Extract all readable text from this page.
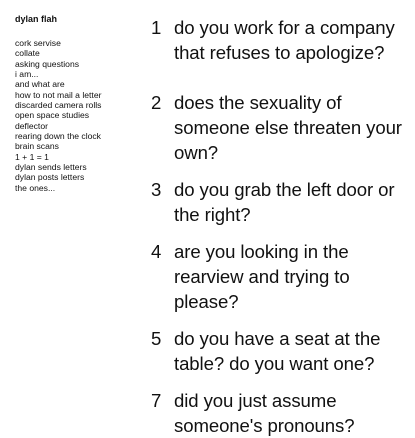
dylan flah
cork servise
collate
asking questions
i am...
and what are
how to not mail a letter
discarded camera rolls
open space studies
deflector
rearing down the clock
brain scans
1 + 1 = 1
dylan sends letters
dylan posts letters
the ones...
1 do you work for a company that refuses to apologize?
2 does the sexuality of someone else threaten your own?
3 do you grab the left door or the right?
4 are you looking in the rearview and trying to please?
5 do you have a seat at the table? do you want one?
7 did you just assume someone's pronouns?
